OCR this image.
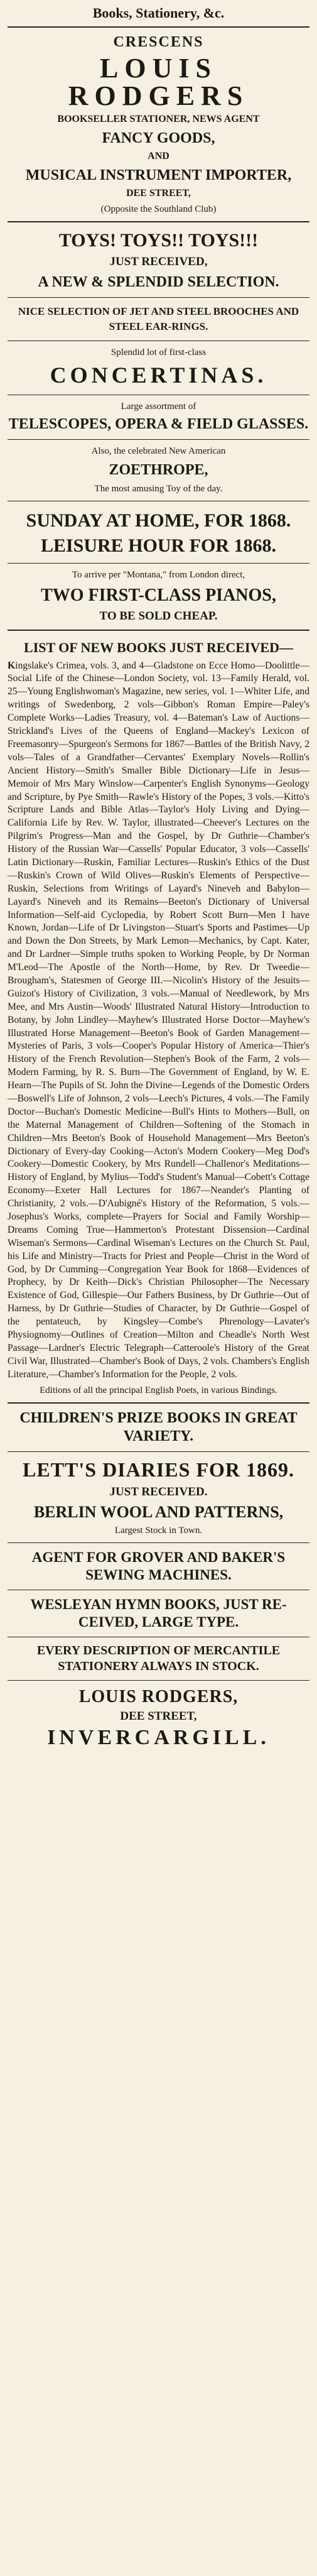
Books, Stationery, &c.
CRESCENS
LOUIS RODGERS
BOOKSELLER STATIONER, NEWS AGENT
FANCY GOODS,
AND
MUSICAL INSTRUMENT IMPORTER,
DEE STREET,
(Opposite the Southland Club)
TOYS! TOYS!! TOYS!!!
JUST RECEIVED,
A NEW & SPLENDID SELECTION.
NICE SELECTION OF JET AND STEEL BROOCHES AND STEEL EAR-RINGS.
Splendid lot of first-class
CONCERTINAS.
Large assortment of
TELESCOPES, OPERA & FIELD GLASSES.
Also, the celebrated New American
ZOETHROPE,
The most amusing Toy of the day.
SUNDAY AT HOME, FOR 1868.
LEISURE HOUR FOR 1868.
To arrive per "Montana," from London direct,
TWO FIRST-CLASS PIANOS,
TO BE SOLD CHEAP.
LIST OF NEW BOOKS JUST RECEIVED—
Kingslake's Crimea, vols. 3, and 4—Gladstone on Ecce Homo—Doolittle—Social Life of the Chinese—London Society, vol. 13—Family Herald, vol. 25—Young Englishwoman's Magazine, new series, vol. 1—Whiter Life, and writings of Swedenborg, 2 vols—Gibbon's Roman Empire—Paley's Complete Works—Ladies Treasury, vol. 4—Bateman's Law of Auctions—Strickland's Lives of the Queens of England—Mackey's Lexicon of Freemasonry—Spurgeon's Sermons for 1867—Battles of the British Navy, 2 vols—Tales of a Grandfather—Cervantes' Exemplary Novels—Rollin's Ancient History—Smith's Smaller Bible Dictionary—Life in Jesus—Memoir of Mrs Mary Winslow—Carpenter's English Synonyms—Geology and Scripture, by Pye Smith—Rawle's History of the Popes, 3 vols.—Kitto's Scripture Lands and Bible Atlas—Taylor's Holy Living and Dying—California Life by Rev. W. Taylor, illustrated—Cheever's Lectures on the Pilgrim's Progress—Man and the Gospel, by Dr Guthrie—Chamber's History of the Russian War—Cassells' Popular Educator, 3 vols—Cassells' Latin Dictionary—Ruskin, Familiar Lectures—Ruskin's Ethics of the Dust—Ruskin's Crown of Wild Olives—Ruskin's Elements of Perspective—Ruskin, Selections from Writings of Layard's Nineveh and Babylon—Layard's Nineveh and its Remains—Beeton's Dictionary of Universal Information—Self-aid Cyclopedia, by Robert Scott Burn—Men I have Known, Jordan—Life of Dr Livingston—Stuart's Sports and Pastimes—Up and Down the Don Streets, by Mark Lemon—Mechanics, by Capt. Kater, and Dr Lardner—Simple truths spoken to Working People, by Dr Norman M'Leod—The Apostle of the North—Home, by Rev. Dr Tweedie—Brougham's, Statesmen of George III.—Nicolin's History of the Jesuits—Guizot's History of Civilization, 3 vols.—Manual of Needlework, by Mrs Mee, and Mrs Austin—Woods' Illustrated Natural History—Introduction to Botany, by John Lindley—Mayhew's Illustrated Horse Doctor—Mayhew's Illustrated Horse Management—Beeton's Book of Garden Management—Mysteries of Paris, 3 vols—Cooper's Popular History of America—Thier's History of the French Revolution—Stephen's Book of the Farm, 2 vols—Modern Farming, by R. S. Burn—The Government of England, by W. E. Hearn—The Pupils of St. John the Divine—Legends of the Domestic Orders—Boswell's Life of Johnson, 2 vols—Leech's Pictures, 4 vols.—The Family Doctor—Buchan's Domestic Medicine—Bull's Hints to Mothers—Bull, on the Maternal Management of Children—Softening of the Stomach in Children—Mrs Beeton's Book of Household Management—Mrs Beeton's Dictionary of Every-day Cooking—Acton's Modern Cookery—Meg Dod's Cookery—Domestic Cookery, by Mrs Rundell—Challenor's Meditations—History of England, by Mylius—Todd's Student's Manual—Cobett's Cottage Economy—Exeter Hall Lectures for 1867—Neander's Planting of Christianity, 2 vols.—D'Aubigné's History of the Reformation, 5 vols.—Josephus's Works, complete—Prayers for Social and Family Worship—Dreams Coming True—Hammerton's Protestant Dissension—Cardinal Wiseman's Sermons—Cardinal Wiseman's Lectures on the Church St. Paul, his Life and Ministry—Tracts for Priest and People—Christ in the Word of God, by Dr Cumming—Congregation Year Book for 1868—Evidences of Prophecy, by Dr Keith—Dick's Christian Philosopher—The Necessary Existence of God, Gillespie—Our Fathers Business, by Dr Guthrie—Out of Harness, by Dr Guthrie—Studies of Character, by Dr Guthrie—Gospel of the pentateuch, by Kingsley—Combe's Phrenology—Lavater's Physiognomy—Outlines of Creation—Milton and Cheadle's North West Passage—Lardner's Electric Telegraph—Catteroole's History of the Great Civil War, Illustrated—Chamber's Book of Days, 2 vols. Chambers's English Literature,—Chamber's Information for the People, 2 vols.
Editions of all the principal English Poets, in various Bindings.
CHILDREN'S PRIZE BOOKS IN GREAT
VARIETY.
LETT'S DIARIES FOR 1869.
JUST RECEIVED.
BERLIN WOOL AND PATTERNS,
Largest Stock in Town.
AGENT FOR GROVER AND BAKER'S
SEWING MACHINES.
WESLEYAN HYMN BOOKS, JUST RE-
CEIVED, LARGE TYPE.
EVERY DESCRIPTION OF MERCANTILE
STATIONERY ALWAYS IN STOCK.
LOUIS RODGERS,
DEE STREET,
INVERCARGILL.
